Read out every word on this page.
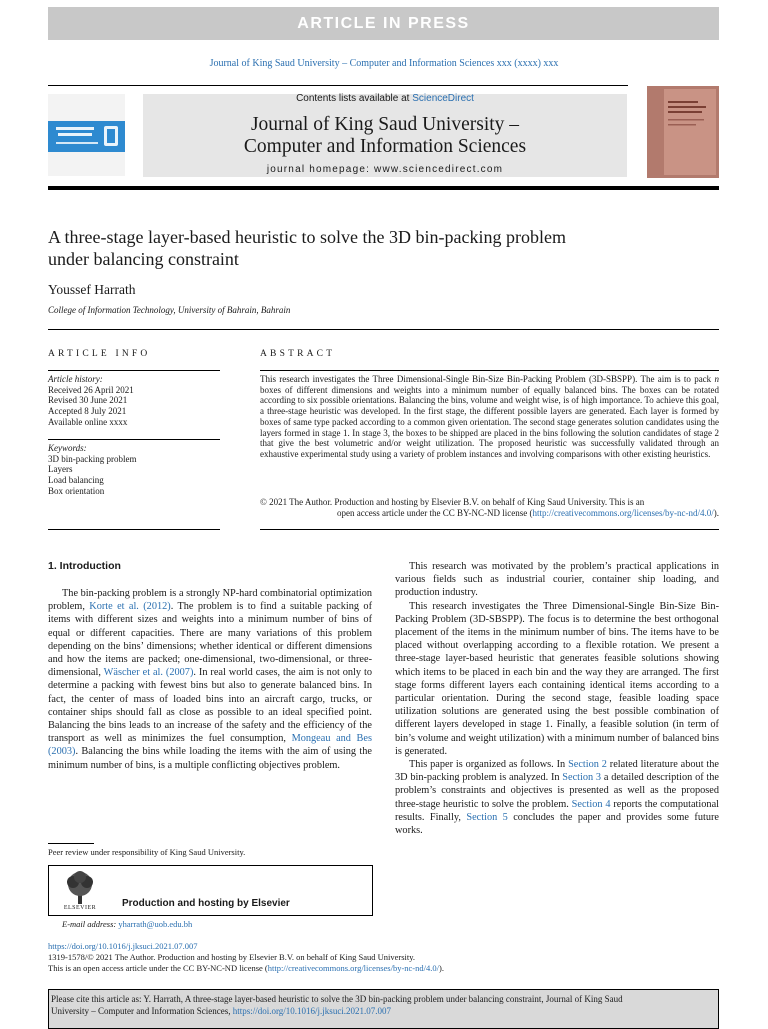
ARTICLE IN PRESS
Journal of King Saud University – Computer and Information Sciences xxx (xxxx) xxx
Contents lists available at ScienceDirect
Journal of King Saud University –
Computer and Information Sciences
journal homepage: www.sciencedirect.com
A three-stage layer-based heuristic to solve the 3D bin-packing problem
under balancing constraint
Youssef Harrath
College of Information Technology, University of Bahrain, Bahrain
ARTICLE INFO	ABSTRACT
Article history:
Received 26 April 2021
Revised 30 June 2021
Accepted 8 July 2021
Available online xxxx
Keywords:
3D bin-packing problem
Layers
Load balancing
Box orientation
This research investigates the Three Dimensional-Single Bin-Size Bin-Packing Problem (3D-SBSPP). The aim is to pack n boxes of different dimensions and weights into a minimum number of equally balanced bins. The boxes can be rotated according to six possible orientations. Balancing the bins, volume and weight wise, is of high importance. To achieve this goal, a three-stage heuristic was developed. In the first stage, the different possible layers are generated. Each layer is formed by boxes of same type packed according to a common given orientation. The second stage generates solution candidates using the layers formed in stage 1. In stage 3, the boxes to be shipped are placed in the bins following the solution candidates of stage 2 that give the best volumetric and/or weight utilization. The proposed heuristic was successfully validated through an exhaustive experimental study using a variety of problem instances and involving comparisons with other existing heuristics.
© 2021 The Author. Production and hosting by Elsevier B.V. on behalf of King Saud University. This is an
open access article under the CC BY-NC-ND license (http://creativecommons.org/licenses/by-nc-nd/4.0/).
1. Introduction

The bin-packing problem is a strongly NP-hard combinatorial optimization problem, Korte et al. (2012). The problem is to find a suitable packing of items with different sizes and weights into a minimum number of bins of equal or different capacities. There are many variations of this problem depending on the bins’ dimensions; whether identical or different dimensions and how the items are packed; one-dimensional, two-dimensional, or three-dimensional, Wäscher et al. (2007). In real world cases, the aim is not only to determine a packing with fewest bins but also to generate balanced bins. In fact, the center of mass of loaded bins into an aircraft cargo, trucks, or container ships should fall as close as possible to an ideal specified point. Balancing the bins leads to an increase of the safety and the efficiency of the transport as well as minimizes the fuel consumption, Mongeau and Bes (2003). Balancing the bins while loading the items with the aim of using the minimum number of bins, is a multiple conflicting objectives problem.

This research was motivated by the problem’s practical applications in various fields such as industrial courier, container ship loading, and production industry.

This research investigates the Three Dimensional-Single Bin-Size Bin-Packing Problem (3D-SBSPP). The focus is to determine the best orthogonal placement of the items in the minimum number of bins. The items have to be placed without overlapping according to a flexible rotation. We present a three-stage layer-based heuristic that generates feasible solutions showing which items to be placed in each bin and the way they are arranged. The first stage forms different layers each containing identical items according to a particular orientation. During the second stage, feasible loading space utilization solutions are generated using the best possible combination of different layers developed in stage 1. Finally, a feasible solution (in term of bin’s volume and weight utilization) with a minimum number of balanced bins is generated.

This paper is organized as follows. In Section 2 related literature about the 3D bin-packing problem is analyzed. In Section 3 a detailed description of the problem’s constraints and objectives is presented as well as the proposed three-stage heuristic to solve the problem. Section 4 reports the computational results. Finally, Section 5 concludes the paper and provides some future works.

Peer review under responsibility of King Saud University.
ELSEVIER	Production and hosting by Elsevier
E-mail address: yharrath@uob.edu.bh
https://doi.org/10.1016/j.jksuci.2021.07.007
1319-1578/© 2021 The Author. Production and hosting by Elsevier B.V. on behalf of King Saud University.
This is an open access article under the CC BY-NC-ND license (http://creativecommons.org/licenses/by-nc-nd/4.0/).
Please cite this article as: Y. Harrath, A three-stage layer-based heuristic to solve the 3D bin-packing problem under balancing constraint, Journal of King Saud
University – Computer and Information Sciences, https://doi.org/10.1016/j.jksuci.2021.07.007
